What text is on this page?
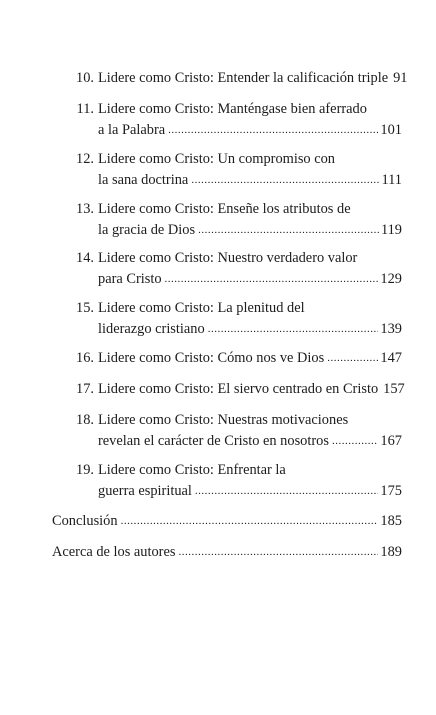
10. Lidere como Cristo: Entender la calificación triple 91
11. Lidere como Cristo: Manténgase bien aferrado
a la Palabra .....	101
12. Lidere como Cristo: Un compromiso con
la sana doctrina .....	111
13. Lidere como Cristo: Enseñe los atributos de
la gracia de Dios .....	119
14. Lidere como Cristo: Nuestro verdadero valor
para Cristo .....	129
15. Lidere como Cristo: La plenitud del
liderazgo cristiano .....	139
16. Lidere como Cristo: Cómo nos ve Dios .....	147
17. Lidere como Cristo: El siervo centrado en Cristo 157
18. Lidere como Cristo: Nuestras motivaciones
revelan el carácter de Cristo en nosotros .....	167
19. Lidere como Cristo: Enfrentar la
guerra espiritual .....	175
Conclusión .....	185
Acerca de los autores .....	189
